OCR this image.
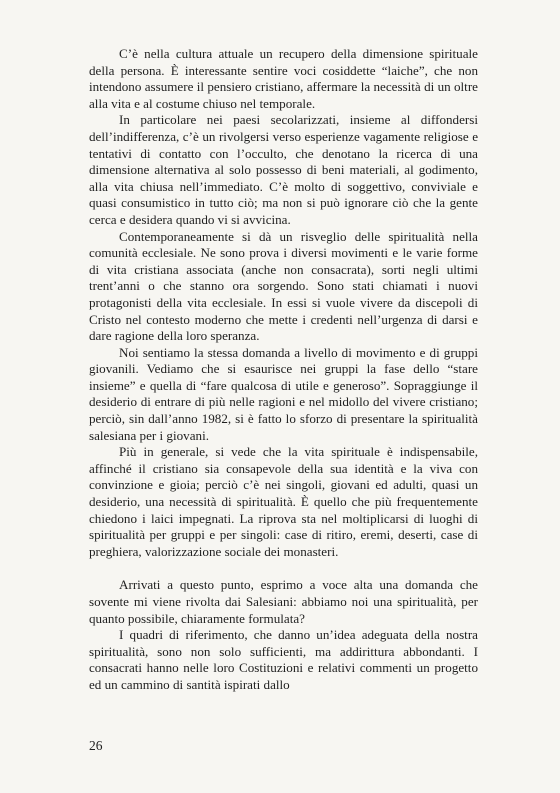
C’è nella cultura attuale un recupero della dimensione spirituale della persona. È interessante sentire voci cosiddette “laiche”, che non intendono assumere il pensiero cristiano, affermare la necessità di un oltre alla vita e al costume chiuso nel temporale.

In particolare nei paesi secolarizzati, insieme al diffondersi dell’indifferenza, c’è un rivolgersi verso esperienze vagamente religiose e tentativi di contatto con l’occulto, che denotano la ricerca di una dimensione alternativa al solo possesso di beni materiali, al godimento, alla vita chiusa nell’immediato. C’è molto di soggettivo, conviviale e quasi consumistico in tutto ciò; ma non si può ignorare ciò che la gente cerca e desidera quando vi si avvicina.

Contemporaneamente si dà un risveglio delle spiritualità nella comunità ecclesiale. Ne sono prova i diversi movimenti e le varie forme di vita cristiana associata (anche non consacrata), sorti negli ultimi trent’anni o che stanno ora sorgendo. Sono stati chiamati i nuovi protagonisti della vita ecclesiale. In essi si vuole vivere da discepoli di Cristo nel contesto moderno che mette i credenti nell’urgenza di darsi e dare ragione della loro speranza.

Noi sentiamo la stessa domanda a livello di movimento e di gruppi giovanili. Vediamo che si esaurisce nei gruppi la fase dello “stare insieme” e quella di “fare qualcosa di utile e generoso”. Sopraggiunge il desiderio di entrare di più nelle ragioni e nel midollo del vivere cristiano; perciò, sin dall’anno 1982, si è fatto lo sforzo di presentare la spiritualità salesiana per i giovani.

Più in generale, si vede che la vita spirituale è indispensabile, affinché il cristiano sia consapevole della sua identità e la viva con convinzione e gioia; perciò c’è nei singoli, giovani ed adulti, quasi un desiderio, una necessità di spiritualità. È quello che più frequentemente chiedono i laici impegnati. La riprova sta nel moltiplicarsi di luoghi di spiritualità per gruppi e per singoli: case di ritiro, eremi, deserti, case di preghiera, valorizzazione sociale dei monasteri.

Arrivati a questo punto, esprimo a voce alta una domanda che sovente mi viene rivolta dai Salesiani: abbiamo noi una spiritualità, per quanto possibile, chiaramente formulata?

I quadri di riferimento, che danno un’idea adeguata della nostra spiritualità, sono non solo sufficienti, ma addirittura abbondanti. I consacrati hanno nelle loro Costituzioni e relativi commenti un progetto ed un cammino di santità ispirati dallo

26
